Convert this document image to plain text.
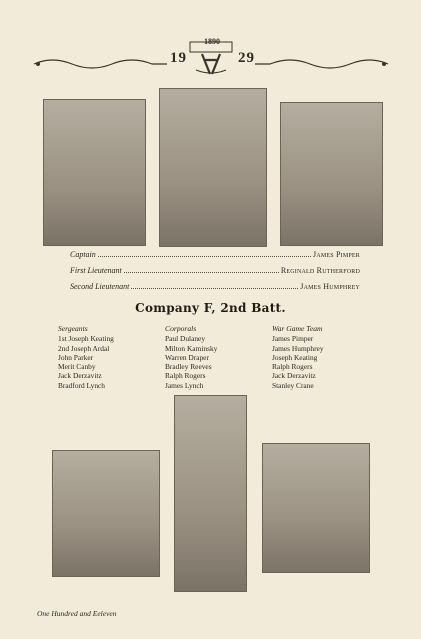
1890
19	29
Captain	James Pimper
First Lieutenant	Reginald Rutherford
Second Lieutenant	James Humphrey
Company F, 2nd Batt.
Sergeants
1st Joseph Keating
2nd Joseph Ardal
John Parker
Merit Canby
Jack Derzavitz
Bradford Lynch
Corporals
Paul Dulaney
Milton Kaminsky
Warren Draper
Bradley Reeves
Ralph Rogers
James Lynch
War Game Team
James Pimper
James Humphrey
Joseph Keating
Ralph Rogers
Jack Derzavitz
Stanley Crane
One Hundred and Eeleven
